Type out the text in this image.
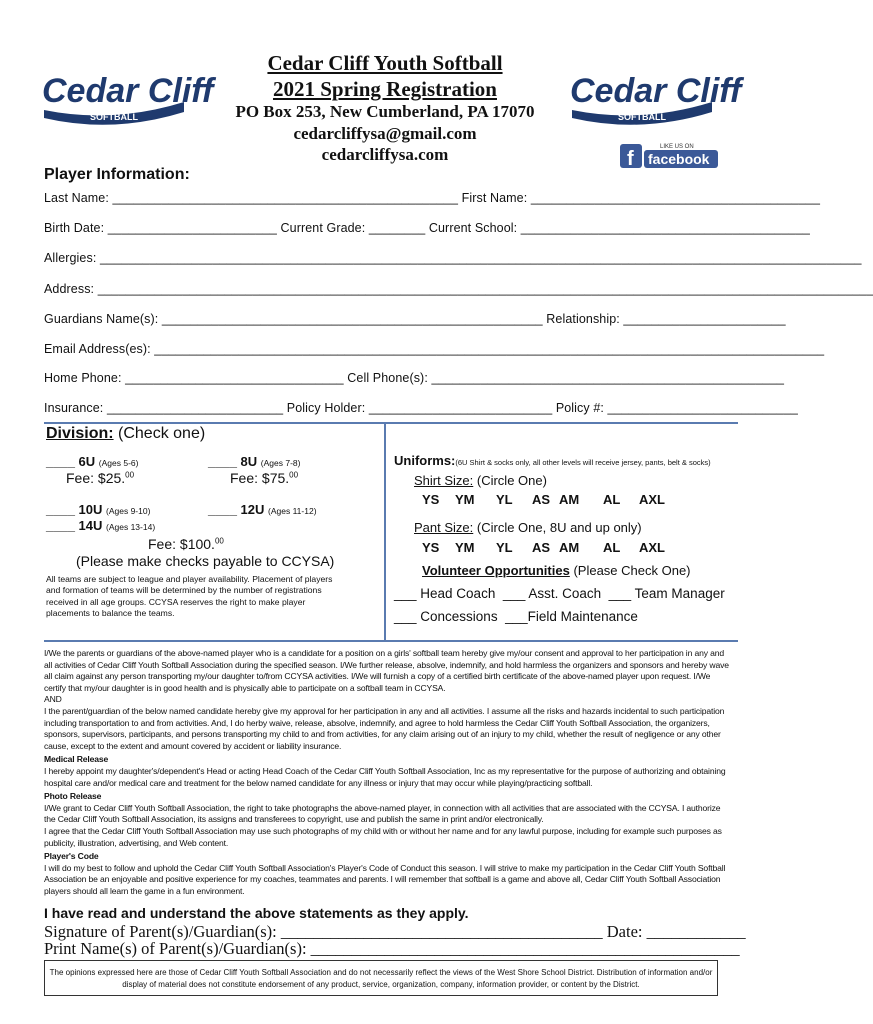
Cedar Cliff
SOFTBALL
Cedar Cliff
SOFTBALL
LIKE US ON
f facebook
Cedar Cliff Youth Softball
2021 Spring Registration
PO Box 253, New Cumberland, PA 17070
cedarcliffysa@gmail.com
cedarcliffysa.com
Player Information:
Last Name: _________________________________________________ First Name: _________________________________________
Birth Date: ________________________ Current Grade: ________ Current School: _________________________________________
Allergies: ____________________________________________________________________________________________________________
Address: ______________________________________________________________________________________________________________
Guardians Name(s): ______________________________________________________ Relationship: _______________________
Email Address(es): _______________________________________________________________________________________________
Home Phone: _______________________________ Cell Phone(s): __________________________________________________
Insurance: _________________________ Policy Holder: __________________________ Policy #: ___________________________
Division: (Check one)
____ 6U (Ages 5-6)
Fee: $25.00
____ 8U (Ages 7-8)
Fee: $75.00
____ 10U (Ages 9-10)	____ 12U (Ages 11-12)
____ 14U (Ages 13-14)
Fee: $100.00
(Please make checks payable to CCYSA)
All teams are subject to league and player availability. Placement of players and formation of teams will be determined by the number of registrations received in all age groups. CCYSA reserves the right to make player placements to balance the teams.
Uniforms:(6U Shirt & socks only, all other levels will receive jersey, pants, belt & socks)
Shirt Size: (Circle One)
YS YM YL AS AM AL AXL
Pant Size: (Circle One, 8U and up only)
YS YM YL AS AM AL AXL
Volunteer Opportunities (Please Check One)
___ Head Coach  ___ Asst. Coach  ___ Team Manager
___ Concessions  ___Field Maintenance
I/We the parents or guardians of the above-named player who is a candidate for a position on a girls' softball team hereby give my/our consent and approval to her participation in any and all activities of Cedar Cliff Youth Softball Association during the specified season. I/We further release, absolve, indemnify, and hold harmless the organizers and sponsors and hereby wave all claim against any person transporting my/our daughter to/from CCYSA activities. I/We will furnish a copy of a certified birth certificate of the above-named player upon request. I/We certify that my/our daughter is in good health and is physically able to participate on a softball team in CCYSA.
AND
I the parent/guardian of the below named candidate hereby give my approval for her participation in any and all activities. I assume all the risks and hazards incidental to such participation including transportation to and from activities. And, I do herby waive, release, absolve, indemnify, and agree to hold harmless the Cedar Cliff Youth Softball Association, the organizers, sponsors, supervisors, participants, and persons transporting my child to and from activities, for any claim arising out of an injury to my child, whether the result of negligence or any other cause, except to the extent and amount covered by accident or liability insurance.
Medical Release
I hereby appoint my daughter's/dependent's Head or acting Head Coach of the Cedar Cliff Youth Softball Association, Inc as my representative for the purpose of authorizing and obtaining hospital care and/or medical care and treatment for the below named candidate for any illness or injury that may occur while playing/practicing softball.
Photo Release
I/We grant to Cedar Cliff Youth Softball Association, the right to take photographs the above-named player, in connection with all activities that are associated with the CCYSA. I authorize the Cedar Cliff Youth Softball Association, its assigns and transferees to copyright, use and publish the same in print and/or electronically.
I agree that the Cedar Cliff Youth Softball Association may use such photographs of my child with or without her name and for any lawful purpose, including for example such purposes as publicity, illustration, advertising, and Web content.
Player's Code
I will do my best to follow and uphold the Cedar Cliff Youth Softball Association's Player's Code of Conduct this season. I will strive to make my participation in the Cedar Cliff Youth Softball Association be an enjoyable and positive experience for my coaches, teammates and parents. I will remember that softball is a game and above all, Cedar Cliff Youth Softball Association players should all learn the game in a fun environment.
I have read and understand the above statements as they apply.
Signature of Parent(s)/Guardian(s): _______________________________________ Date: ____________
Print Name(s) of Parent(s)/Guardian(s): ____________________________________________________
The opinions expressed here are those of Cedar Cliff Youth Softball Association and do not necessarily reflect the views of the West Shore School District. Distribution of information and/or display of material does not constitute endorsement of any product, service, organization, company, information provider, or content by the District.
